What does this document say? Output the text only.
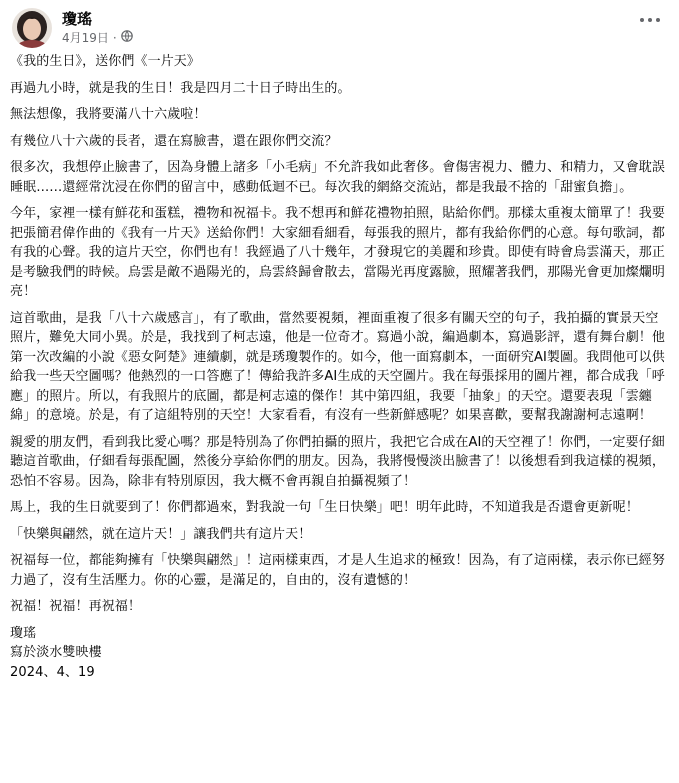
瓊瑤
4月19日 ·

《我的生日》，送你們《一片天》

再過九小時，就是我的生日！我是四月二十日子時出生的。

無法想像，我將要滿八十六歲啦！

有幾位八十六歲的長者，還在寫臉書，還在跟你們交流？

很多次，我想停止臉書了，因為身體上諸多「小毛病」不允許我如此奢侈。會傷害視力、體力、和精力，又會耽誤睡眠……還經常沈浸在你們的留言中，感動低迴不已。每次我的網絡交流站，都是我最不捨的「甜蜜負擔」。

今年，家裡一樣有鮮花和蛋糕，禮物和祝福卡。我不想再和鮮花禮物拍照，貼給你們。那樣太重複太簡單了！我要把張簡君偉作曲的《我有一片天》送給你們！大家細看細看，每張我的照片，都有我給你們的心意。每句歌詞，都有我的心聲。我的這片天空，你們也有！我經過了八十幾年，才發現它的美麗和珍貴。即使有時會烏雲滿天，那正是考驗我們的時候。烏雲是敵不過陽光的，烏雲終歸會散去，當陽光再度露臉，照耀著我們，那陽光會更加燦爛明亮！

這首歌曲，是我「八十六歲感言」，有了歌曲，當然要視頻，裡面重複了很多有關天空的句子，我拍攝的實景天空照片，難免大同小異。於是，我找到了柯志遠，他是一位奇才。寫過小說，編過劇本，寫過影評，還有舞台劇！他第一次改編的小說《惡女阿楚》連續劇，就是琇瓊製作的。如今，他一面寫劇本，一面研究AI製圖。我問他可以供給我一些天空圖嗎？他熱烈的一口答應了！傳給我許多AI生成的天空圖片。我在每張採用的圖片裡，都合成我「呼應」的照片。所以，有我照片的底圖，都是柯志遠的傑作！其中第四組，我要「抽象」的天空。還要表現「雲纏綿」的意境。於是，有了這組特別的天空！大家看看，有沒有一些新鮮感呢？如果喜歡，要幫我謝謝柯志遠啊！

親愛的朋友們，看到我比愛心嗎？那是特別為了你們拍攝的照片，我把它合成在AI的天空裡了！你們，一定要仔細聽這首歌曲，仔細看每張配圖，然後分享給你們的朋友。因為，我將慢慢淡出臉書了！以後想看到我這樣的視頻，恐怕不容易。因為，除非有特別原因，我大概不會再親自拍攝視頻了！

馬上，我的生日就要到了！你們都過來，對我說一句「生日快樂」吧！明年此時，不知道我是否還會更新呢！

「快樂與翩然，就在這片天！」讓我們共有這片天！

祝福每一位，都能夠擁有「快樂與翩然」！這兩樣東西，才是人生追求的極致！因為，有了這兩樣，表示你已經努力過了，沒有生活壓力。你的心靈，是滿足的，自由的，沒有遺憾的！

祝福！祝福！再祝福！

瓊瑤

寫於淡水雙映樓

2024、4、19
